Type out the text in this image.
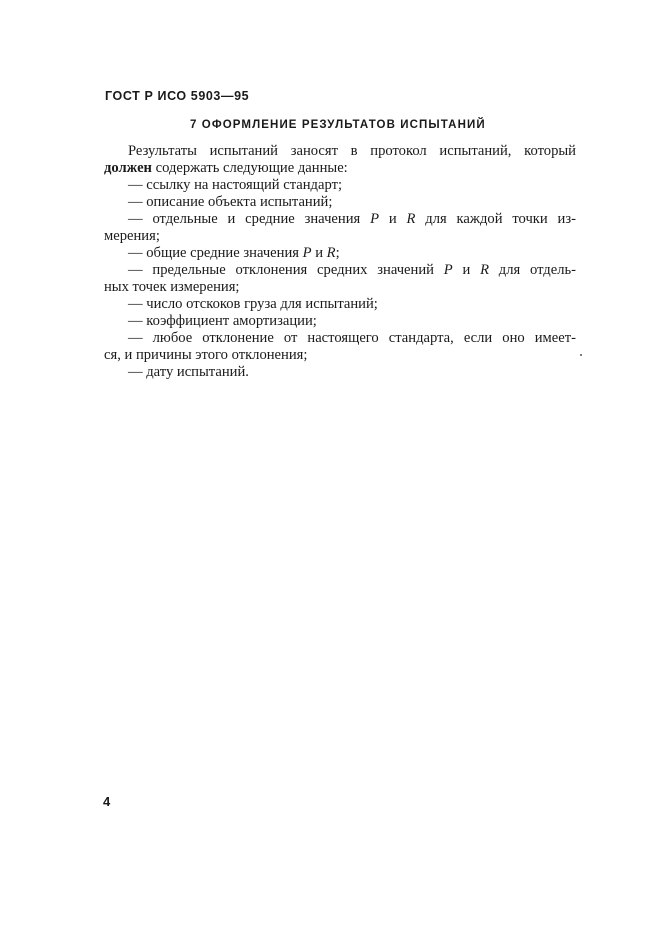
ГОСТ Р ИСО 5903—95
7 ОФОРМЛЕНИЕ РЕЗУЛЬТАТОВ ИСПЫТАНИЙ
Результаты испытаний заносят в протокол испытаний, который
должен содержать следующие данные:
— ссылку на настоящий стандарт;
— описание объекта испытаний;
— отдельные и средние значения P и R для каждой точки из-
мерения;
— общие средние значения P и R;
— предельные отклонения средних значений P и R для отдель-
ных точек измерения;
— число отскоков груза для испытаний;
— коэффициент амортизации;
— любое отклонение от настоящего стандарта, если оно имеет-
ся, и причины этого отклонения;
— дату испытаний.
4
